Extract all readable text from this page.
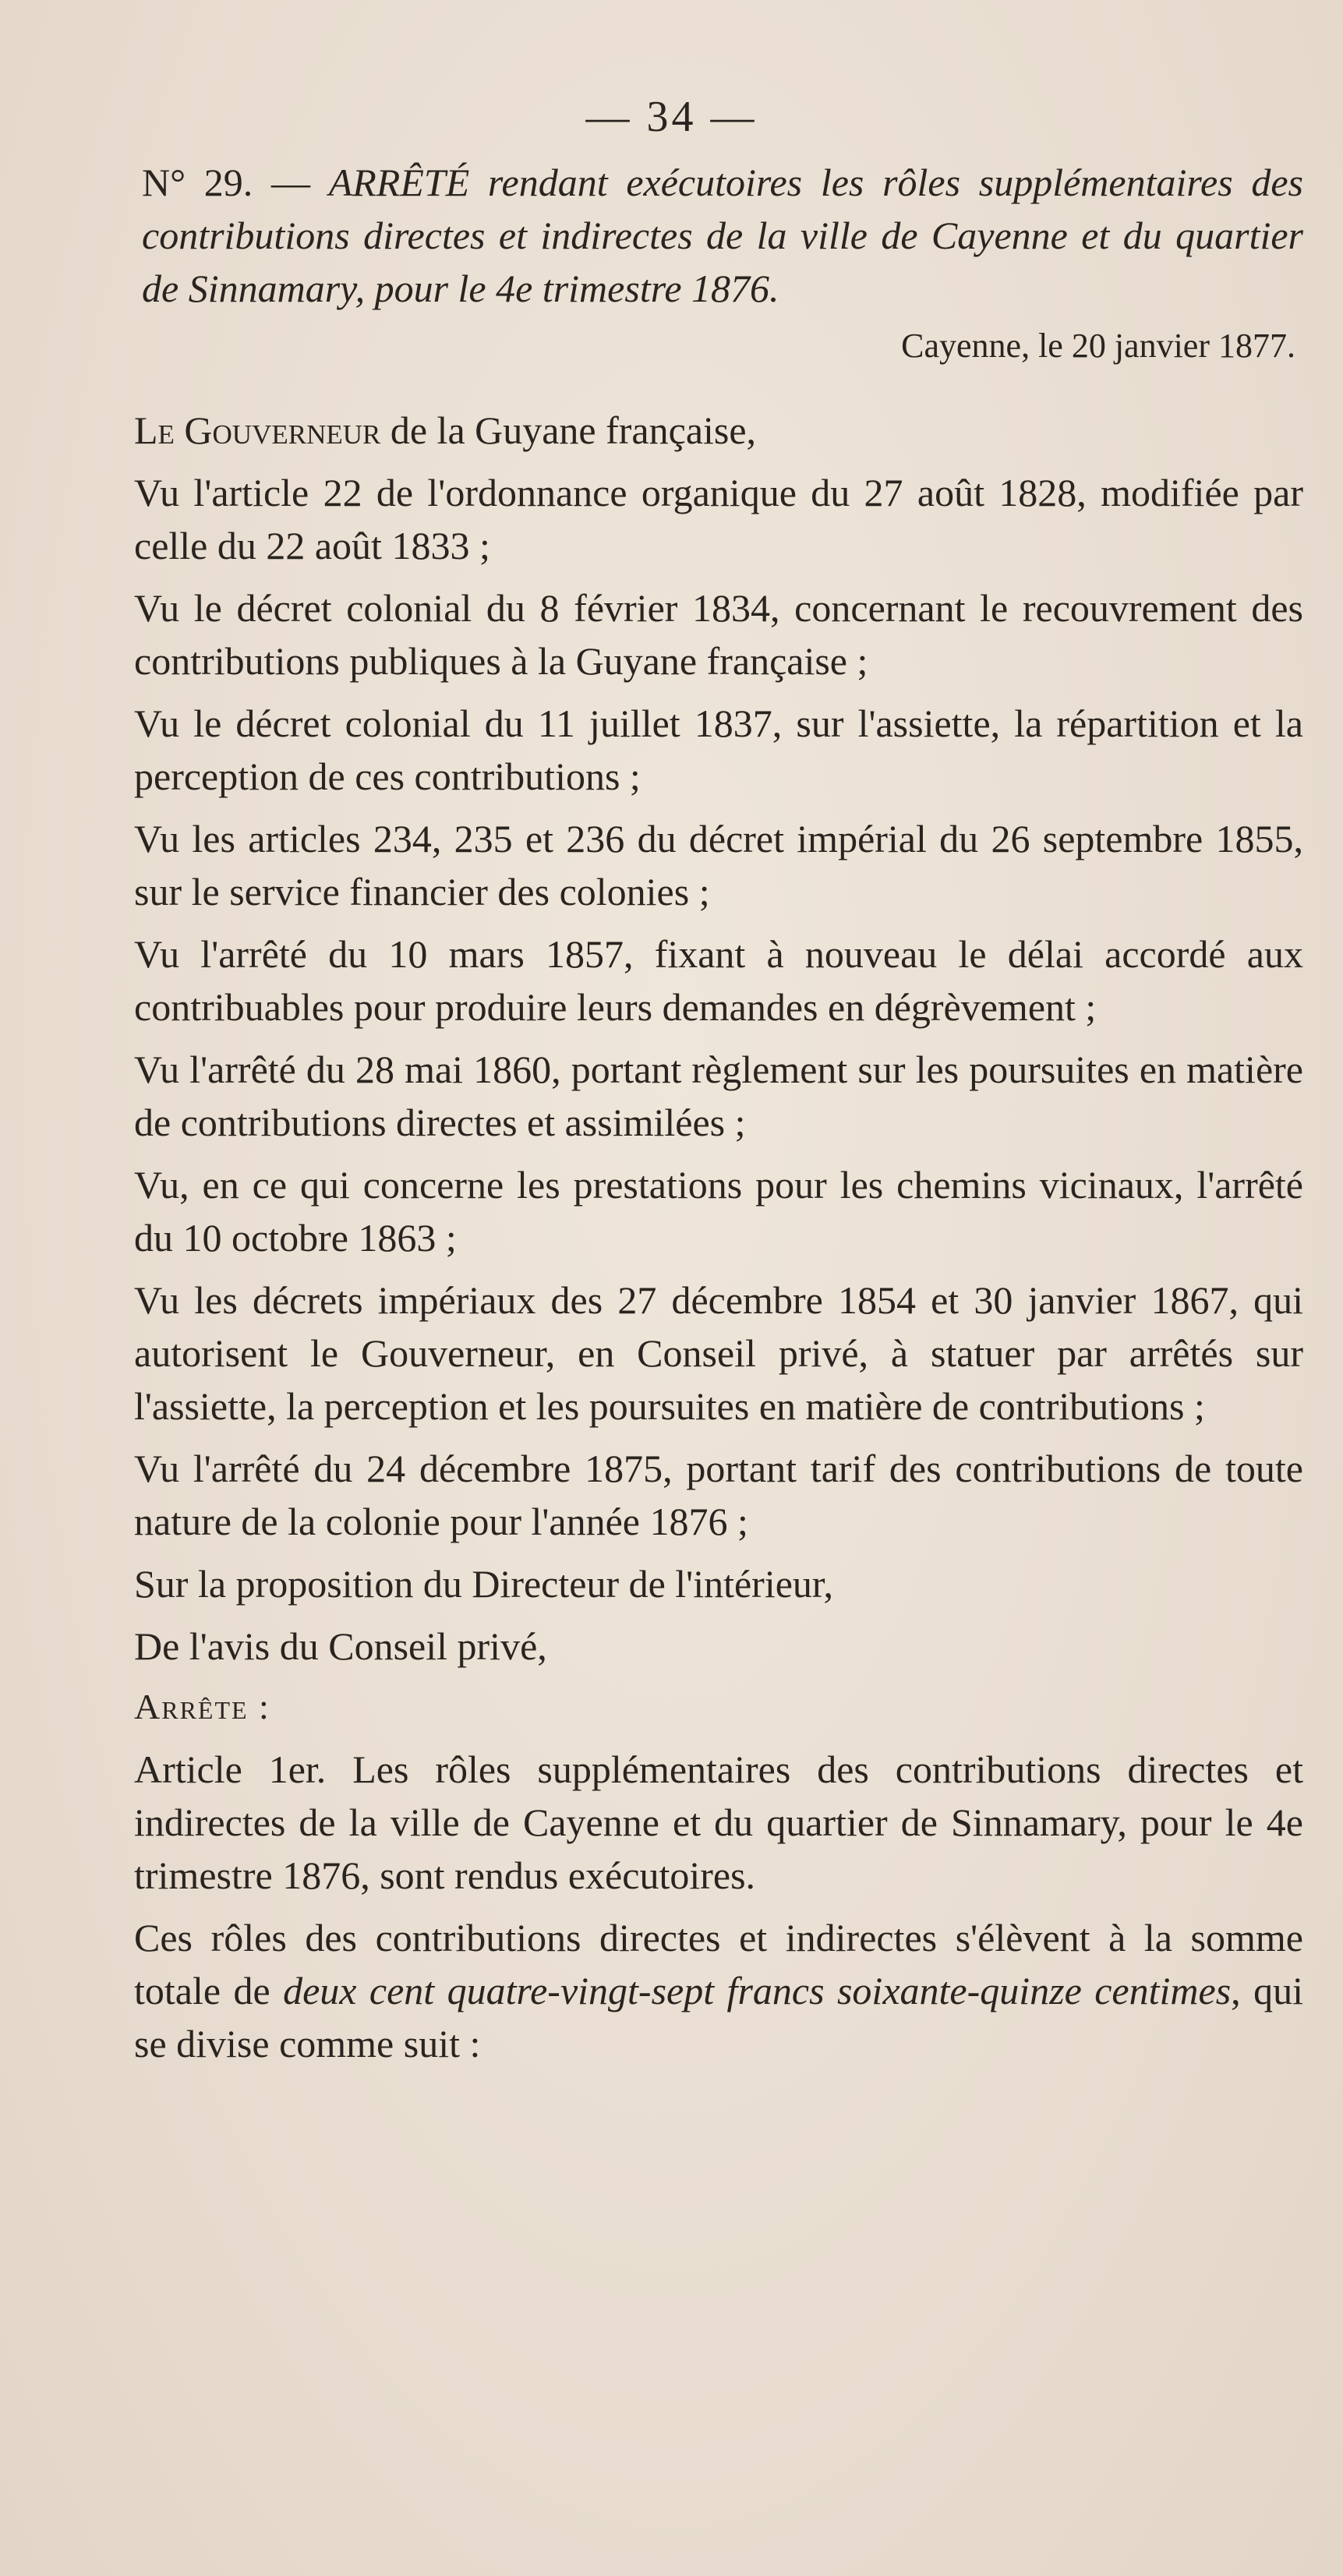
— 34 —

N° 29. — ARRÊTÉ rendant exécutoires les rôles supplémentaires des contributions directes et indirectes de la ville de Cayenne et du quartier de Sinnamary, pour le 4e trimestre 1876.

Cayenne, le 20 janvier 1877.

Le Gouverneur de la Guyane française,

Vu l'article 22 de l'ordonnance organique du 27 août 1828, modifiée par celle du 22 août 1833 ;

Vu le décret colonial du 8 février 1834, concernant le recouvrement des contributions publiques à la Guyane française ;

Vu le décret colonial du 11 juillet 1837, sur l'assiette, la répartition et la perception de ces contributions ;

Vu les articles 234, 235 et 236 du décret impérial du 26 septembre 1855, sur le service financier des colonies ;

Vu l'arrêté du 10 mars 1857, fixant à nouveau le délai accordé aux contribuables pour produire leurs demandes en dégrèvement ;

Vu l'arrêté du 28 mai 1860, portant règlement sur les poursuites en matière de contributions directes et assimilées ;

Vu, en ce qui concerne les prestations pour les chemins vicinaux, l'arrêté du 10 octobre 1863 ;

Vu les décrets impériaux des 27 décembre 1854 et 30 janvier 1867, qui autorisent le Gouverneur, en Conseil privé, à statuer par arrêtés sur l'assiette, la perception et les poursuites en matière de contributions ;

Vu l'arrêté du 24 décembre 1875, portant tarif des contributions de toute nature de la colonie pour l'année 1876 ;

Sur la proposition du Directeur de l'intérieur,

De l'avis du Conseil privé,

Arrête :

Article 1er. Les rôles supplémentaires des contributions directes et indirectes de la ville de Cayenne et du quartier de Sinnamary, pour le 4e trimestre 1876, sont rendus exécutoires.

Ces rôles des contributions directes et indirectes s'élèvent à la somme totale de deux cent quatre-vingt-sept francs soixante-quinze centimes, qui se divise comme suit :
